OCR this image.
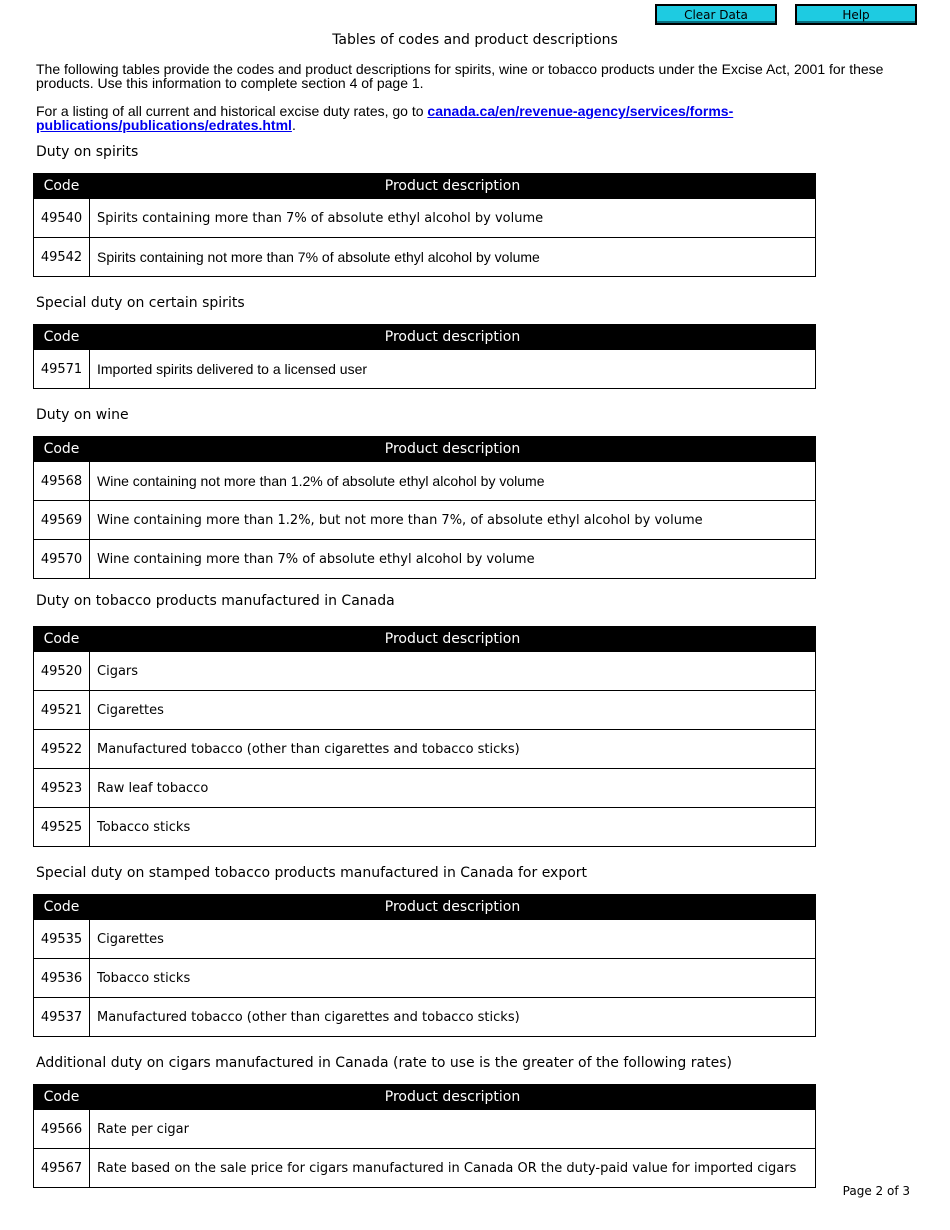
Clear Data	Help
Tables of codes and product descriptions
The following tables provide the codes and product descriptions for spirits, wine or tobacco products under the Excise Act, 2001 for these products. Use this information to complete section 4 of page 1.
For a listing of all current and historical excise duty rates, go to canada.ca/en/revenue-agency/services/forms-publications/publications/edrates.html.
Duty on spirits
Code	Product description
49540	Spirits containing more than 7% of absolute ethyl alcohol by volume
49542	Spirits containing not more than 7% of absolute ethyl alcohol by volume
Special duty on certain spirits
Code	Product description
49571	Imported spirits delivered to a licensed user
Duty on wine
Code	Product description
49568	Wine containing not more than 1.2% of absolute ethyl alcohol by volume
49569	Wine containing more than 1.2%, but not more than 7%, of absolute ethyl alcohol by volume
49570	Wine containing more than 7% of absolute ethyl alcohol by volume
Duty on tobacco products manufactured in Canada
Code	Product description
49520	Cigars
49521	Cigarettes
49522	Manufactured tobacco (other than cigarettes and tobacco sticks)
49523	Raw leaf tobacco
49525	Tobacco sticks
Special duty on stamped tobacco products manufactured in Canada for export
Code	Product description
49535	Cigarettes
49536	Tobacco sticks
49537	Manufactured tobacco (other than cigarettes and tobacco sticks)
Additional duty on cigars manufactured in Canada (rate to use is the greater of the following rates)
Code	Product description
49566	Rate per cigar
49567	Rate based on the sale price for cigars manufactured in Canada OR the duty-paid value for imported cigars
Page 2 of 3
